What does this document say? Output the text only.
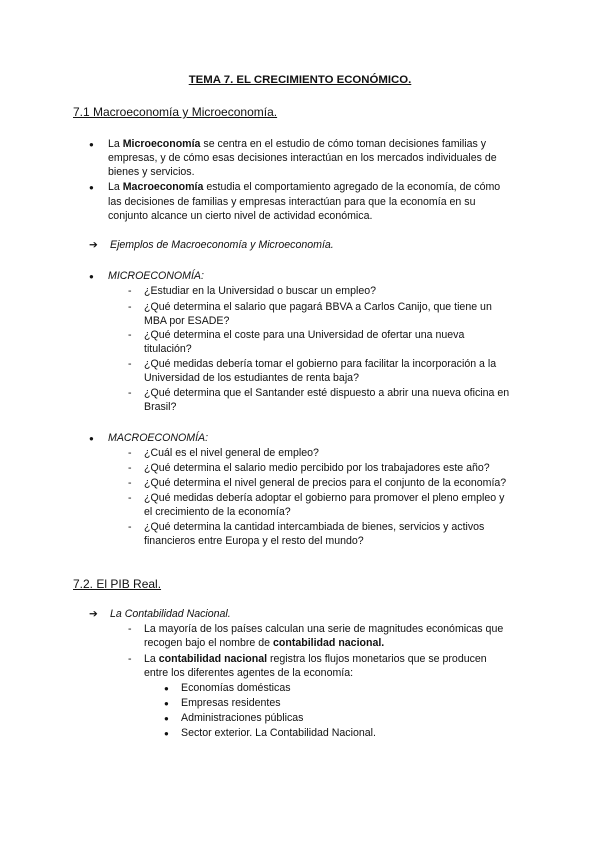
TEMA 7. EL CRECIMIENTO ECONÓMICO.
7.1 Macroeconomía y Microeconomía.
● La Microeconomía se centra en el estudio de cómo toman decisiones familias y
empresas, y de cómo esas decisiones interactúan en los mercados individuales de
bienes y servicios.
● La Macroeconomía estudia el comportamiento agregado de la economía, de cómo
las decisiones de familias y empresas interactúan para que la economía en su
conjunto alcance un cierto nivel de actividad económica.
➔ Ejemplos de Macroeconomía y Microeconomía.
● MICROECONOMÍA:
- ¿Estudiar en la Universidad o buscar un empleo?
- ¿Qué determina el salario que pagará BBVA a Carlos Canijo, que tiene un
MBA por ESADE?
- ¿Qué determina el coste para una Universidad de ofertar una nueva
titulación?
- ¿Qué medidas debería tomar el gobierno para facilitar la incorporación a la
Universidad de los estudiantes de renta baja?
- ¿Qué determina que el Santander esté dispuesto a abrir una nueva oficina en
Brasil?
● MACROECONOMÍA:
- ¿Cuál es el nivel general de empleo?
- ¿Qué determina el salario medio percibido por los trabajadores este año?
- ¿Qué determina el nivel general de precios para el conjunto de la economía?
- ¿Qué medidas debería adoptar el gobierno para promover el pleno empleo y
el crecimiento de la economía?
- ¿Qué determina la cantidad intercambiada de bienes, servicios y activos
financieros entre Europa y el resto del mundo?
7.2. El PIB Real.
➔ La Contabilidad Nacional.
- La mayoría de los países calculan una serie de magnitudes económicas que
recogen bajo el nombre de contabilidad nacional.
- La contabilidad nacional registra los flujos monetarios que se producen
entre los diferentes agentes de la economía:
● Economías domésticas
● Empresas residentes
● Administraciones públicas
● Sector exterior. La Contabilidad Nacional.
